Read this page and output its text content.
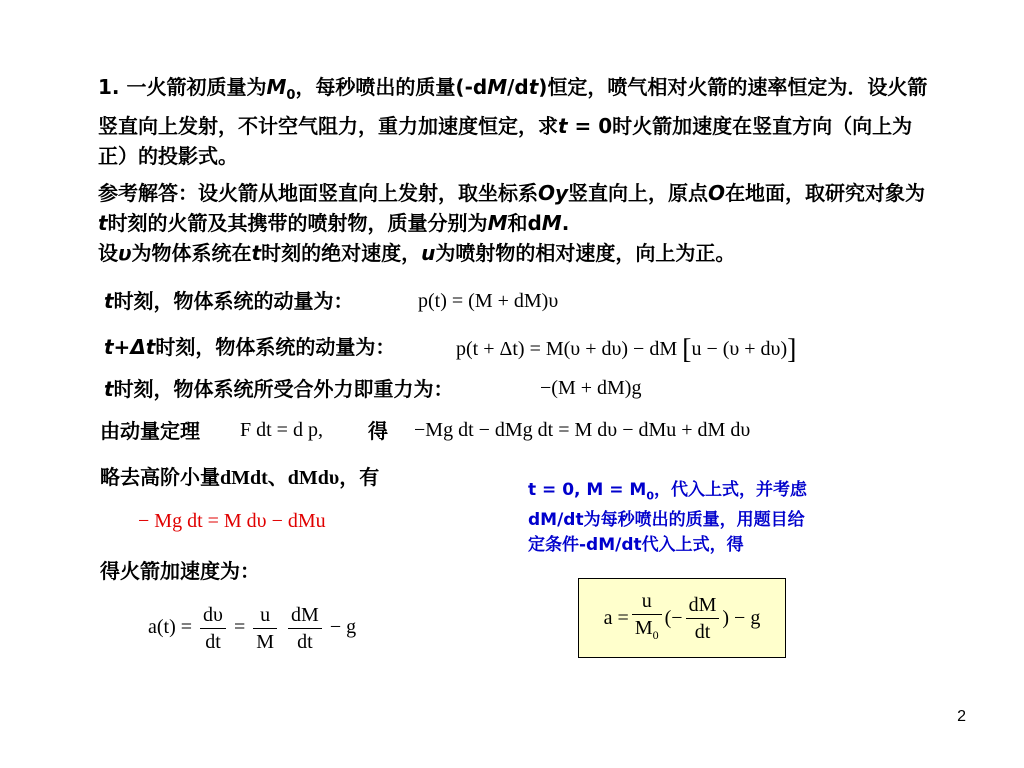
1. 一火箭初质量为$M_0$，每秒喷出的质量(-dM/dt)恒定，喷气相对火箭的速率恒定为．设火箭竖直向上发射，不计空气阻力，重力加速度恒定，求t = 0时火箭加速度在竖直方向（向上为正）的投影式。
参考解答：设火箭从地面竖直向上发射，取坐标系Oy竖直向上，原点O在地面，取研究对象为t时刻的火箭及其携带的喷射物，质量分别为M和dM.
设υ为物体系统在t时刻的绝对速度，u为喷射物的相对速度，向上为正。
t时刻，物体系统的动量为：	p(t) = (M + dM)υ
t+Δt时刻，物体系统的动量为：	p(t + Δt) = M(υ + dυ) − dM [u − (υ + dυ)]
t时刻，物体系统所受合外力即重力为：	−(M + dM)g
由动量定理 F dt = d p, 得 −Mg dt − dMg dt = M dυ − dMu + dM dυ
略去高阶小量dMdt、dMdυ，有
− Mg dt = M dυ − dMu
得火箭加速度为：
$a(t) = \frac{d\upsilon}{dt} = \frac{u}{M}$
$\frac{dM}{dt} - g$
t = 0, $M = M_0$，代入上式，并考虑
dM/dt为每秒喷出的质量，用题目给
定条件-dM/dt代入上式，得
$a = \frac{u}{M_0}$ (− $\frac{dM}{dt}$ ) − g
2
